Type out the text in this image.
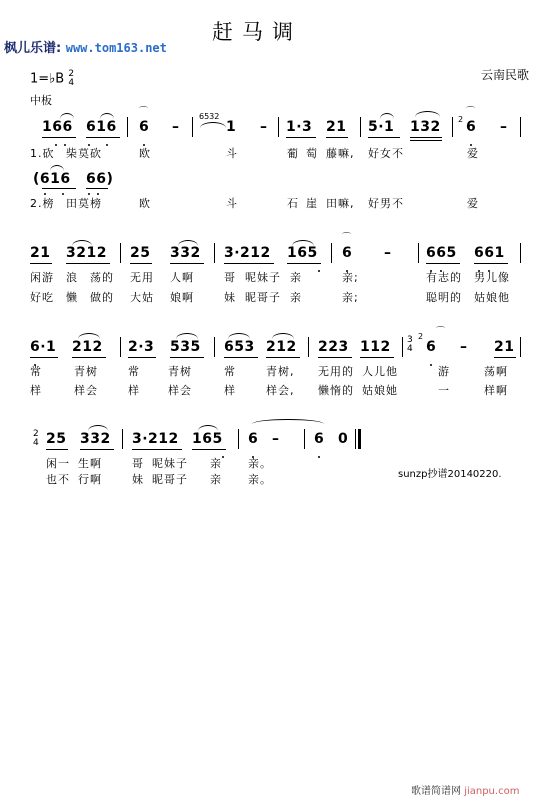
赶马调
枫儿乐谱: www.tom163.net
1=♭B 2
4
中板
云南民歌
166 616 6 –
6532
1 – 1·3 21 5·1 132 2 6 –
⌒	⌒
1.砍 柴莫砍	欧	斗	葡 萄 藤嘛, 好女不	爱
(616 66)
2.榜 田莫榜	欧	斗	石 崖 田嘛, 好男不	爱
21 3212 25 332 3·212 165 6 – 665 661
⌒
闲游 浪 荡的 无用 人啊	哥 呢妹子 亲	亲;	有志的 男儿像
好吃 懒 做的 大姑 娘啊	妹 昵哥子 亲	亲;	聪明的 姑娘他
6·1 212 2·3 535 653 212 223 112 3
4
2
6 – 21
⌒
常	青树	常	青树	常	青树, 无用的 人儿他	游	荡啊
样	样会	样	样会	样	样会, 懒惰的 姑娘她	一	样啊
2
4 25 332 3·212 165 6 – 6 0
闲一 生啊	哥 呢妹子 亲 亲。
也不 行啊	妹 昵哥子 亲 亲。	sunzp抄谱20140220.
歌谱简谱网 jianpu.com
